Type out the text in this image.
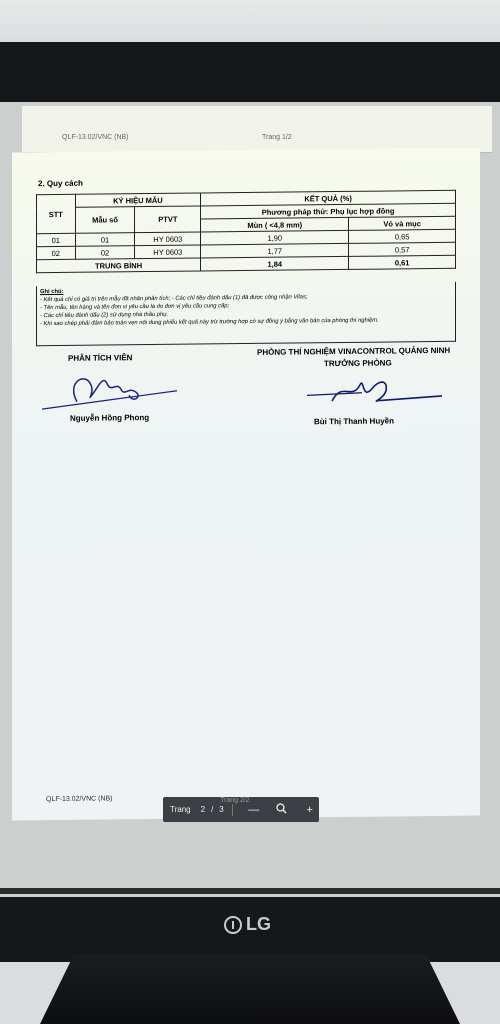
QLF-13.02/VNC (NB)	Trang 1/2
2. Quy cách
STT	KÝ HIỆU MẪU		KẾT QUẢ (%)	
	Mẫu số	PTVT	Phương pháp thử: Phụ lục hợp đồng	
			Mùn ( <4,8 mm)	Vỏ và mục
01	01	HY 0603	1,90	0,65
02	02	HY 0603	1,77	0,57
TRUNG BÌNH			1,84	0,61
Ghi chú:
- Kết quả chỉ có giá trị trên mẫu đã nhận phân tích; - Các chỉ tiêu đánh dấu (1) đã được công nhận Vilas;
- Tên mẫu, tên hàng và tên đơn vị yêu cầu là do đơn vị yêu cầu cung cấp;
- Các chỉ tiêu đánh dấu (2) sử dụng nhà thầu phụ.
- Khi sao chép phải đảm bảo toàn vẹn nội dung phiếu kết quả này trừ trường hợp có sự đồng ý bằng văn bản của phòng thí nghiệm.
PHÂN TÍCH VIÊN
PHÒNG THÍ NGHIỆM VINACONTROL QUẢNG NINH
TRƯỞNG PHÒNG
Nguyễn Hồng Phong	Bùi Thị Thanh Huyền
QLF-13.02/VNC (NB)	Trang 2/2
Trang 2 / 3 —	+
LG
